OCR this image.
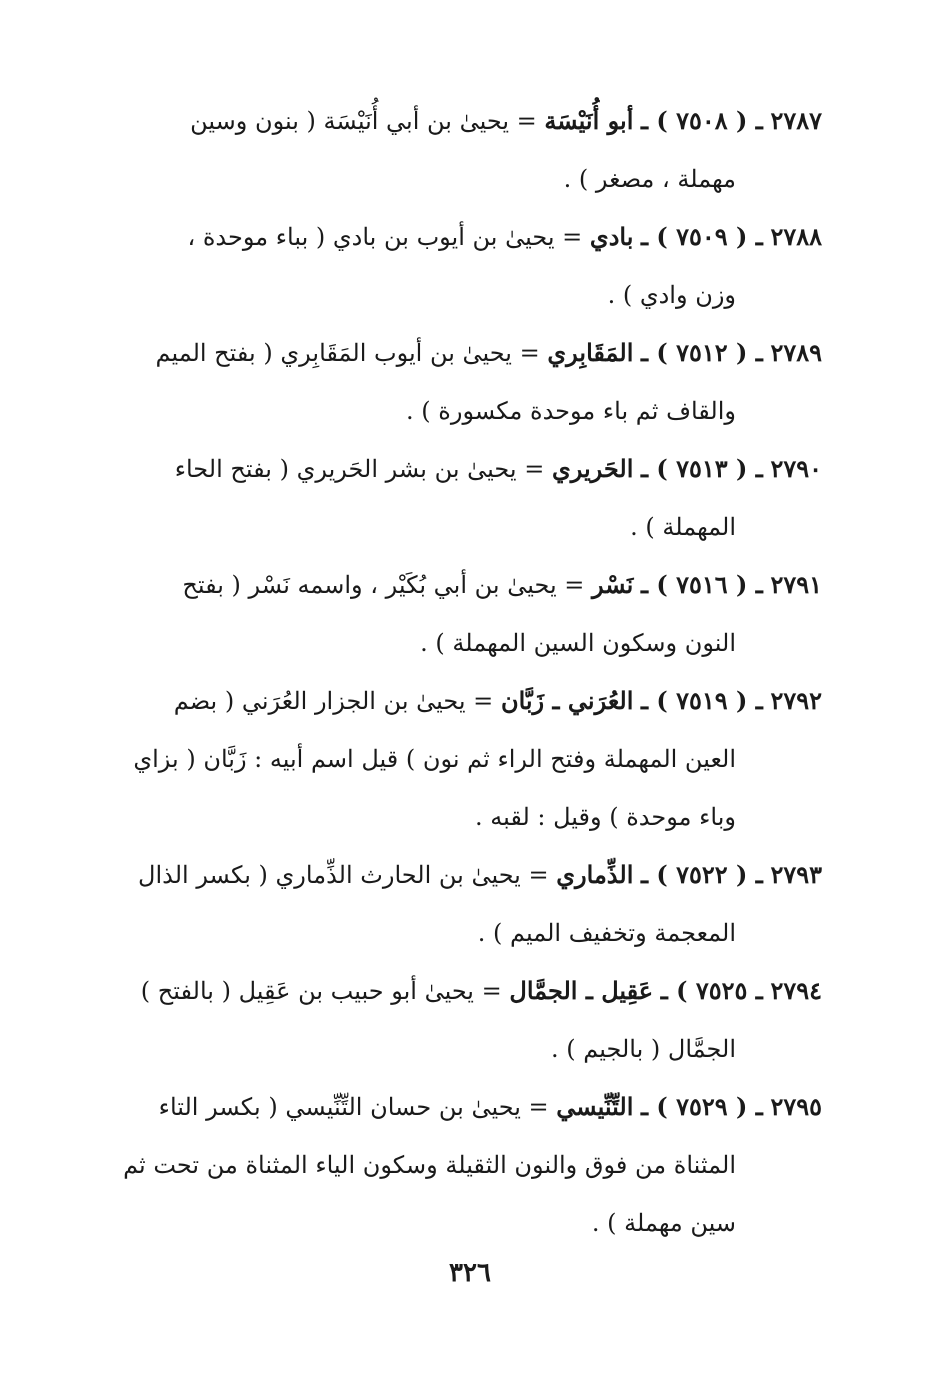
٢٧٨٧ ـ ( ٧٥٠٨ ) ـ أبو أُنَيْسَة = يحيىٰ بن أبي أُنَيْسَة ( بنون وسين
مهملة ، مصغر ) .
٢٧٨٨ ـ ( ٧٥٠٩ ) ـ بادي = يحيىٰ بن أيوب بن بادي ( بباء موحدة ،
وزن وادي ) .
٢٧٨٩ ـ ( ٧٥١٢ ) ـ المَقَابِري = يحيىٰ بن أيوب المَقَابِري ( بفتح الميم
والقاف ثم باء موحدة مكسورة ) .
٢٧٩٠ ـ ( ٧٥١٣ ) ـ الحَريري = يحيىٰ بن بشر الحَريري ( بفتح الحاء
المهملة ) .
٢٧٩١ ـ ( ٧٥١٦ ) ـ نَسْر = يحيىٰ بن أبي بُكَيْر ، واسمه نَسْر ( بفتح
النون وسكون السين المهملة ) .
٢٧٩٢ ـ ( ٧٥١٩ ) ـ العُرَني ـ زَبَّان = يحيىٰ بن الجزار العُرَني ( بضم
العين المهملة وفتح الراء ثم نون ) قيل اسم أبيه : زَبَّان ( بزاي
وباء موحدة ) وقيل : لقبه .
٢٧٩٣ ـ ( ٧٥٢٢ ) ـ الذِّماري = يحيىٰ بن الحارث الذِّماري ( بكسر الذال
المعجمة وتخفيف الميم ) .
٢٧٩٤ ـ ٧٥٢٥ ) ـ عَقِيل ـ الجمَّال = يحيىٰ أبو حبيب بن عَقِيل ( بالفتح )
الجمَّال ( بالجيم ) .
٢٧٩٥ ـ ( ٧٥٢٩ ) ـ التِّنِّيسي = يحيىٰ بن حسان التِّنِّيسي ( بكسر التاء
المثناة من فوق والنون الثقيلة وسكون الياء المثناة من تحت ثم
سين مهملة ) .
٣٢٦
